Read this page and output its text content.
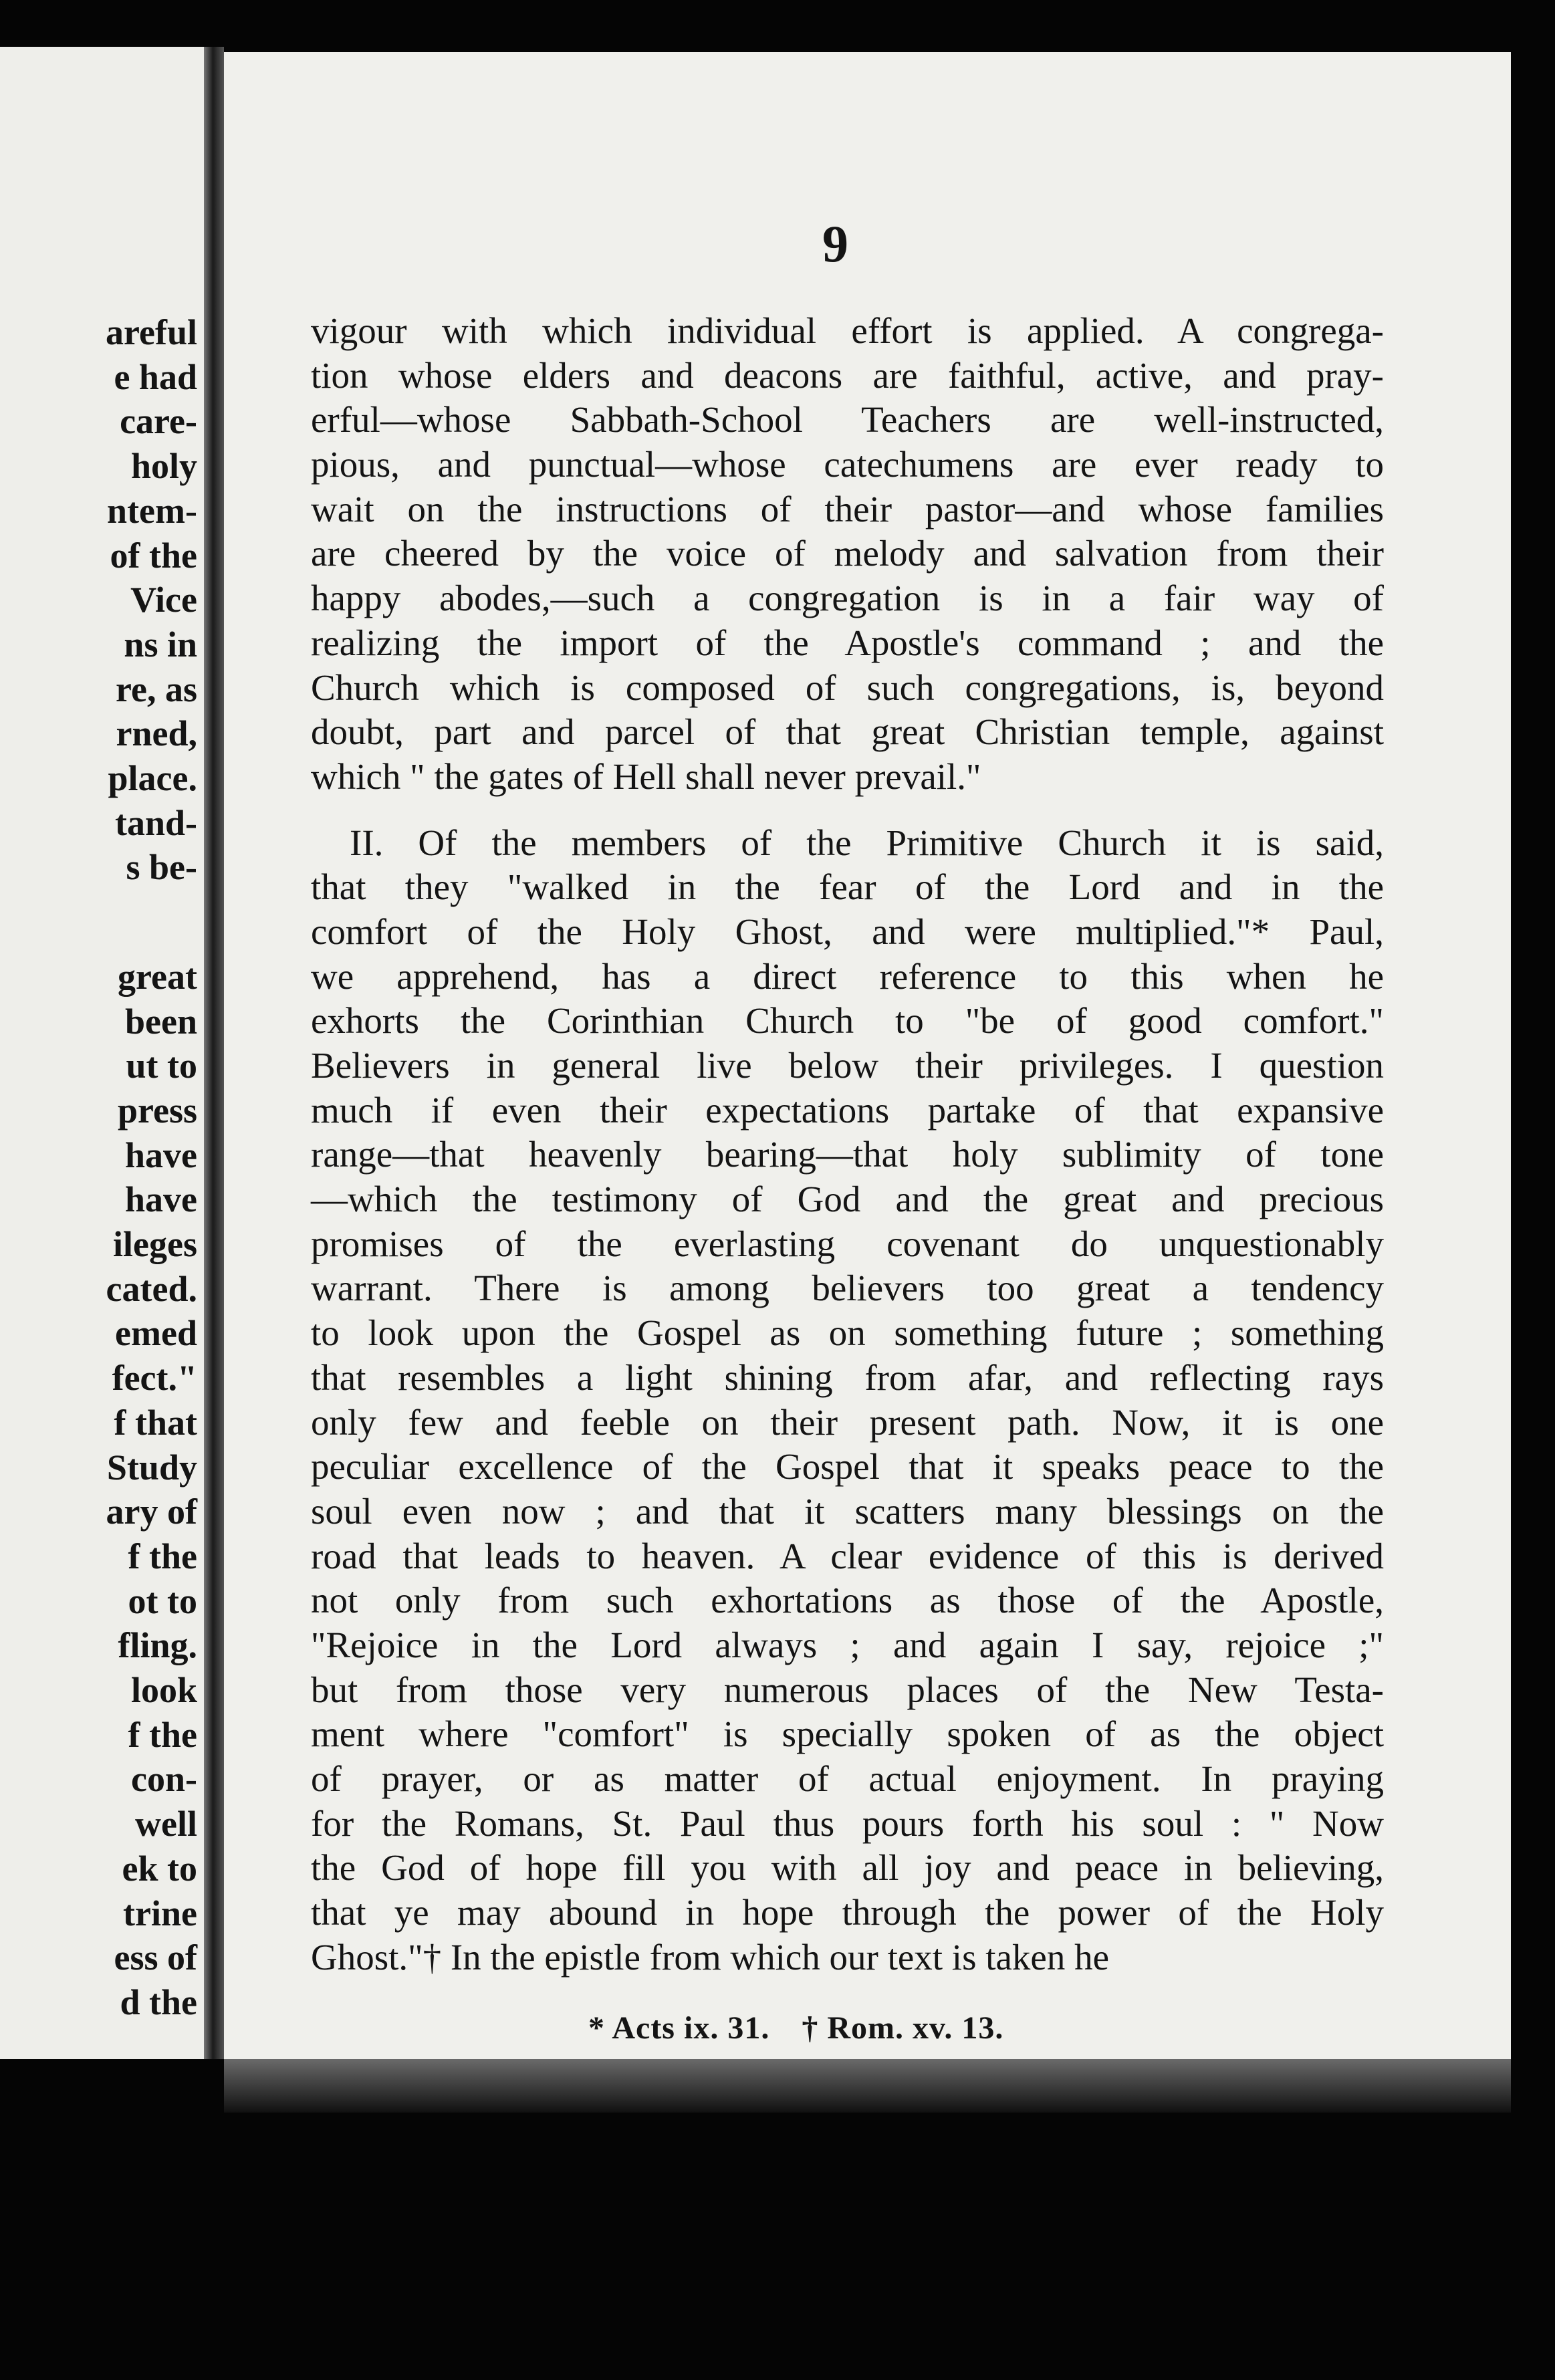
areful
e had
care-
holy
ntem-
of the
Vice
ns in
re, as
rned,
place.
tand-
s be-
great
been
ut to
press
have
have
ileges
cated.
emed
fect."
f that
Study
ary of
f the
ot to
fling.
look
f the
con-
well
ek to
trine
ess of
d the
9
vigour with which individual effort is applied. A congrega-
tion whose elders and deacons are faithful, active, and pray-
erful—whose Sabbath-School Teachers are well-instructed,
pious, and punctual—whose catechumens are ever ready to
wait on the instructions of their pastor—and whose families
are cheered by the voice of melody and salvation from their
happy abodes,—such a congregation is in a fair way of
realizing the import of the Apostle's command ; and the
Church which is composed of such congregations, is, beyond
doubt, part and parcel of that great Christian temple, against
which " the gates of Hell shall never prevail."
II. Of the members of the Primitive Church it is said,
that they "walked in the fear of the Lord and in the
comfort of the Holy Ghost, and were multiplied."* Paul,
we apprehend, has a direct reference to this when he
exhorts the Corinthian Church to "be of good comfort."
Believers in general live below their privileges. I question
much if even their expectations partake of that expansive
range—that heavenly bearing—that holy sublimity of tone
—which the testimony of God and the great and precious
promises of the everlasting covenant do unquestionably
warrant. There is among believers too great a tendency
to look upon the Gospel as on something future ; something
that resembles a light shining from afar, and reflecting rays
only few and feeble on their present path. Now, it is one
peculiar excellence of the Gospel that it speaks peace to the
soul even now ; and that it scatters many blessings on the
road that leads to heaven. A clear evidence of this is derived
not only from such exhortations as those of the Apostle,
"Rejoice in the Lord always ; and again I say, rejoice ;"
but from those very numerous places of the New Testa-
ment where "comfort" is specially spoken of as the object
of prayer, or as matter of actual enjoyment. In praying
for the Romans, St. Paul thus pours forth his soul : " Now
the God of hope fill you with all joy and peace in believing,
that ye may abound in hope through the power of the Holy
Ghost."† In the epistle from which our text is taken he
* Acts ix. 31. † Rom. xv. 13.
